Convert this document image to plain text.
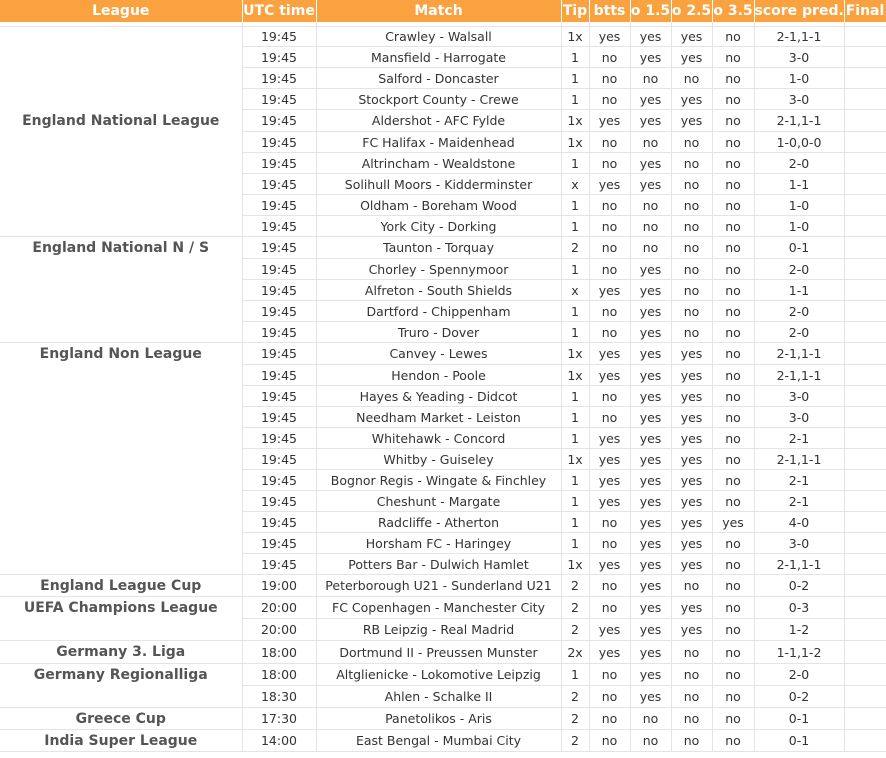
League	UTC time	Match	Tip	btts	o 1.5	o 2.5	o 3.5	score pred.	Final

	19:45	Crawley - Walsall	1x	yes	yes	yes	no	2-1,1-1	
	19:45	Mansfield - Harrogate	1	no	yes	yes	no	3-0	
	19:45	Salford - Doncaster	1	no	no	no	no	1-0	
	19:45	Stockport County - Crewe	1	no	yes	yes	no	3-0	
England National League	19:45	Aldershot - AFC Fylde	1x	yes	yes	yes	no	2-1,1-1	
	19:45	FC Halifax - Maidenhead	1x	no	no	no	no	1-0,0-0	
	19:45	Altrincham - Wealdstone	1	no	yes	no	no	2-0	
	19:45	Solihull Moors - Kidderminster	x	yes	yes	no	no	1-1	
	19:45	Oldham - Boreham Wood	1	no	no	no	no	1-0	
	19:45	York City - Dorking	1	no	no	no	no	1-0	
England National N / S	19:45	Taunton - Torquay	2	no	no	no	no	0-1	
	19:45	Chorley - Spennymoor	1	no	yes	no	no	2-0	
	19:45	Alfreton - South Shields	x	yes	yes	no	no	1-1	
	19:45	Dartford - Chippenham	1	no	yes	no	no	2-0	
	19:45	Truro - Dover	1	no	yes	no	no	2-0	
England Non League	19:45	Canvey - Lewes	1x	yes	yes	yes	no	2-1,1-1	
	19:45	Hendon - Poole	1x	yes	yes	yes	no	2-1,1-1	
	19:45	Hayes & Yeading - Didcot	1	no	yes	yes	no	3-0	
	19:45	Needham Market - Leiston	1	no	yes	yes	no	3-0	
	19:45	Whitehawk - Concord	1	yes	yes	yes	no	2-1	
	19:45	Whitby - Guiseley	1x	yes	yes	yes	no	2-1,1-1	
	19:45	Bognor Regis - Wingate & Finchley	1	yes	yes	yes	no	2-1	
	19:45	Cheshunt - Margate	1	yes	yes	yes	no	2-1	
	19:45	Radcliffe - Atherton	1	no	yes	yes	yes	4-0	
	19:45	Horsham FC - Haringey	1	no	yes	yes	no	3-0	
	19:45	Potters Bar - Dulwich Hamlet	1x	yes	yes	yes	no	2-1,1-1	
England League Cup	19:00	Peterborough U21 - Sunderland U21	2	no	yes	no	no	0-2	
UEFA Champions League	20:00	FC Copenhagen - Manchester City	2	no	yes	yes	no	0-3	
	20:00	RB Leipzig - Real Madrid	2	yes	yes	yes	no	1-2	
Germany 3. Liga	18:00	Dortmund II - Preussen Munster	2x	yes	yes	no	no	1-1,1-2	
Germany Regionalliga	18:00	Altglienicke - Lokomotive Leipzig	1	no	yes	no	no	2-0	
	18:30	Ahlen - Schalke II	2	no	yes	no	no	0-2	
Greece Cup	17:30	Panetolikos - Aris	2	no	no	no	no	0-1	
India Super League	14:00	East Bengal - Mumbai City	2	no	no	no	no	0-1	
